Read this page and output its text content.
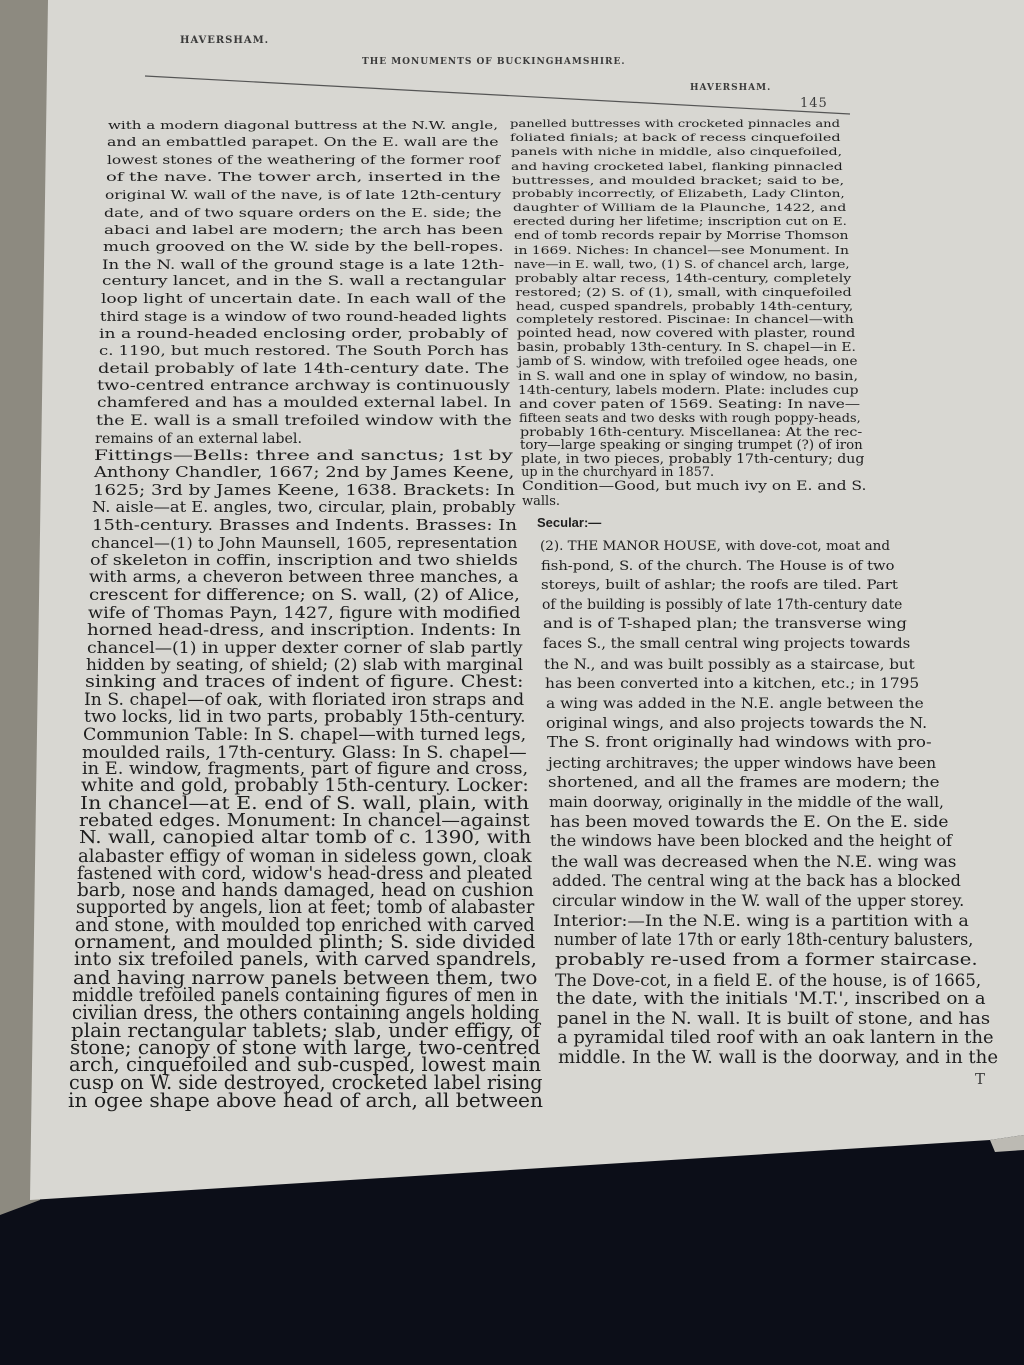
HAVERSHAM.
THE MONUMENTS OF BUCKINGHAMSHIRE.
HAVERSHAM.
145
with a modern diagonal buttress at the N.W. angle,
and an embattled parapet. On the E. wall are the
lowest stones of the weathering of the former roof
of the nave. The tower arch, inserted in the
original W. wall of the nave, is of late 12th-century
date, and of two square orders on the E. side; the
abaci and label are modern; the arch has been
much grooved on the W. side by the bell-ropes.
In the N. wall of the ground stage is a late 12th-
century lancet, and in the S. wall a rectangular
loop light of uncertain date. In each wall of the
third stage is a window of two round-headed lights
in a round-headed enclosing order, probably of
c. 1190, but much restored. The South Porch has
detail probably of late 14th-century date. The
two-centred entrance archway is continuously
chamfered and has a moulded external label. In
the E. wall is a small trefoiled window with the
remains of an external label.
Fittings—Bells: three and sanctus; 1st by
Anthony Chandler, 1667; 2nd by James Keene,
1625; 3rd by James Keene, 1638. Brackets: In
N. aisle—at E. angles, two, circular, plain, probably
15th-century. Brasses and Indents. Brasses: In
chancel—(1) to John Maunsell, 1605, representation
of skeleton in coffin, inscription and two shields
with arms, a cheveron between three manches, a
crescent for difference; on S. wall, (2) of Alice,
wife of Thomas Payn, 1427, figure with modified
horned head-dress, and inscription. Indents: In
chancel—(1) in upper dexter corner of slab partly
hidden by seating, of shield; (2) slab with marginal
sinking and traces of indent of figure. Chest:
In S. chapel—of oak, with floriated iron straps and
two locks, lid in two parts, probably 15th-century.
Communion Table: In S. chapel—with turned legs,
moulded rails, 17th-century. Glass: In S. chapel—
in E. window, fragments, part of figure and cross,
white and gold, probably 15th-century. Locker:
In chancel—at E. end of S. wall, plain, with
rebated edges. Monument: In chancel—against
N. wall, canopied altar tomb of c. 1390, with
alabaster effigy of woman in sideless gown, cloak
fastened with cord, widow's head-dress and pleated
barb, nose and hands damaged, head on cushion
supported by angels, lion at feet; tomb of alabaster
and stone, with moulded top enriched with carved
ornament, and moulded plinth; S. side divided
into six trefoiled panels, with carved spandrels,
and having narrow panels between them, two
middle trefoiled panels containing figures of men in
civilian dress, the others containing angels holding
plain rectangular tablets; slab, under effigy, of
stone; canopy of stone with large, two-centred
arch, cinquefoiled and sub-cusped, lowest main
cusp on W. side destroyed, crocketed label rising
in ogee shape above head of arch, all between
panelled buttresses with crocketed pinnacles and
foliated finials; at back of recess cinquefoiled
panels with niche in middle, also cinquefoiled,
and having crocketed label, flanking pinnacled
buttresses, and moulded bracket; said to be,
probably incorrectly, of Elizabeth, Lady Clinton,
daughter of William de la Plaunche, 1422, and
erected during her lifetime; inscription cut on E.
end of tomb records repair by Morrise Thomson
in 1669. Niches: In chancel—see Monument. In
nave—in E. wall, two, (1) S. of chancel arch, large,
probably altar recess, 14th-century, completely
restored; (2) S. of (1), small, with cinquefoiled
head, cusped spandrels, probably 14th-century,
completely restored. Piscinae: In chancel—with
pointed head, now covered with plaster, round
basin, probably 13th-century. In S. chapel—in E.
jamb of S. window, with trefoiled ogee heads, one
in S. wall and one in splay of window, no basin,
14th-century, labels modern. Plate: includes cup
and cover paten of 1569. Seating: In nave—
fifteen seats and two desks with rough poppy-heads,
probably 16th-century. Miscellanea: At the rec-
tory—large speaking or singing trumpet (?) of iron
plate, in two pieces, probably 17th-century; dug
up in the churchyard in 1857.
Condition—Good, but much ivy on E. and S.
walls.
(2). THE MANOR HOUSE, with dove-cot, moat and
fish-pond, S. of the church. The House is of two
storeys, built of ashlar; the roofs are tiled. Part
of the building is possibly of late 17th-century date
and is of T-shaped plan; the transverse wing
faces S., the small central wing projects towards
the N., and was built possibly as a staircase, but
has been converted into a kitchen, etc.; in 1795
a wing was added in the N.E. angle between the
original wings, and also projects towards the N.
The S. front originally had windows with pro-
jecting architraves; the upper windows have been
shortened, and all the frames are modern; the
main doorway, originally in the middle of the wall,
has been moved towards the E. On the E. side
the windows have been blocked and the height of
the wall was decreased when the N.E. wing was
added. The central wing at the back has a blocked
circular window in the W. wall of the upper storey.
Interior:—In the N.E. wing is a partition with a
number of late 17th or early 18th-century balusters,
probably re-used from a former staircase.
The Dove-cot, in a field E. of the house, is of 1665,
the date, with the initials 'M.T.', inscribed on a
panel in the N. wall. It is built of stone, and has
a pyramidal tiled roof with an oak lantern in the
middle. In the W. wall is the doorway, and in the
Secular:—
T
